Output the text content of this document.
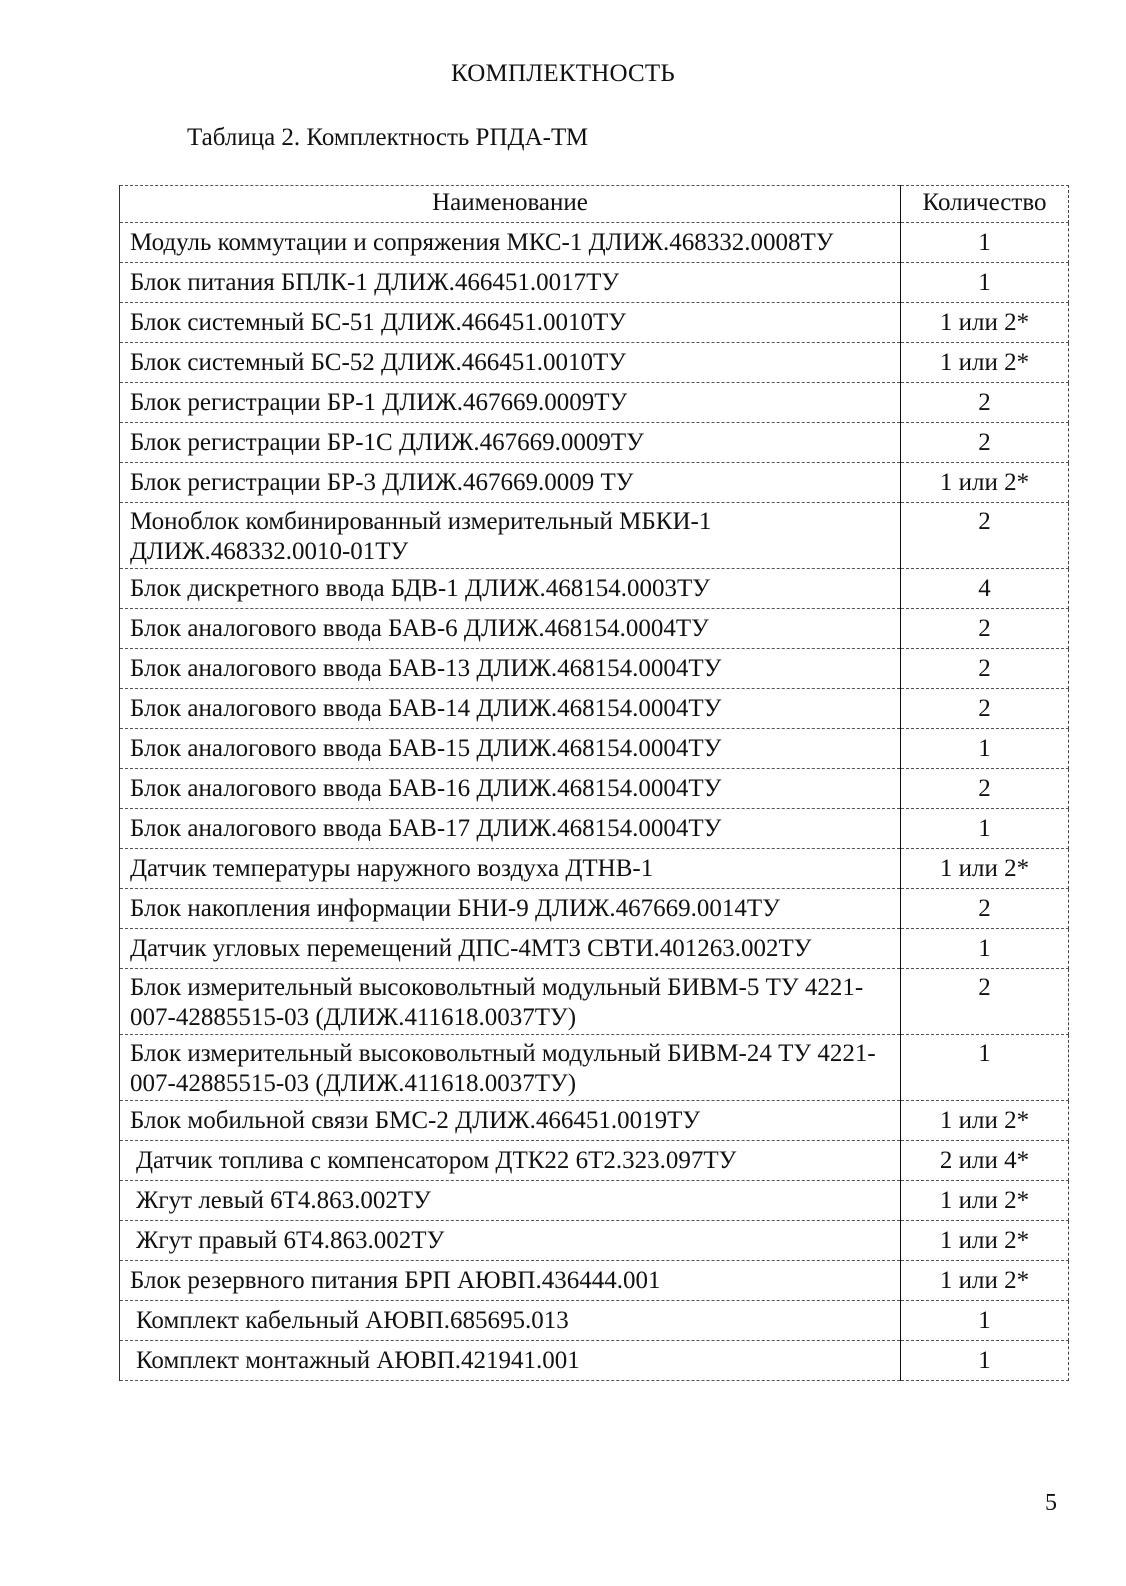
КОМПЛЕКТНОСТЬ
Таблица 2. Комплектность РПДА-ТМ
Наименование	Количество
Модуль коммутации и сопряжения МКС-1 ДЛИЖ.468332.0008ТУ	1
Блок питания БПЛК-1 ДЛИЖ.466451.0017ТУ	1
Блок системный БС-51 ДЛИЖ.466451.0010ТУ	1 или 2*
Блок системный БС-52 ДЛИЖ.466451.0010ТУ	1 или 2*
Блок регистрации БР-1 ДЛИЖ.467669.0009ТУ	2
Блок регистрации БР-1С ДЛИЖ.467669.0009ТУ	2
Блок регистрации БР-3 ДЛИЖ.467669.0009 ТУ	1 или 2*
Моноблок комбинированный измерительный МБКИ-1 ДЛИЖ.468332.0010-01ТУ	2
Блок дискретного ввода БДВ-1 ДЛИЖ.468154.0003ТУ	4
Блок аналогового ввода БАВ-6 ДЛИЖ.468154.0004ТУ	2
Блок аналогового ввода БАВ-13 ДЛИЖ.468154.0004ТУ	2
Блок аналогового ввода БАВ-14 ДЛИЖ.468154.0004ТУ	2
Блок аналогового ввода БАВ-15 ДЛИЖ.468154.0004ТУ	1
Блок аналогового ввода БАВ-16 ДЛИЖ.468154.0004ТУ	2
Блок аналогового ввода БАВ-17 ДЛИЖ.468154.0004ТУ	1
Датчик температуры наружного воздуха ДТНВ-1	1 или 2*
Блок накопления информации БНИ-9 ДЛИЖ.467669.0014ТУ	2
Датчик угловых перемещений ДПС-4МТ3 СВТИ.401263.002ТУ	1
Блок измерительный высоковольтный модульный БИВМ-5 ТУ 4221-007-42885515-03 (ДЛИЖ.411618.0037ТУ)	2
Блок измерительный высоковольтный модульный БИВМ-24 ТУ 4221-007-42885515-03 (ДЛИЖ.411618.0037ТУ)	1
Блок мобильной связи БМС-2 ДЛИЖ.466451.0019ТУ	1 или 2*
Датчик топлива с компенсатором ДТК22 6Т2.323.097ТУ	2 или 4*
Жгут левый 6Т4.863.002ТУ	1 или 2*
Жгут правый 6Т4.863.002ТУ	1 или 2*
Блок резервного питания БРП АЮВП.436444.001	1 или 2*
Комплект кабельный АЮВП.685695.013	1
Комплект монтажный АЮВП.421941.001	1
5
